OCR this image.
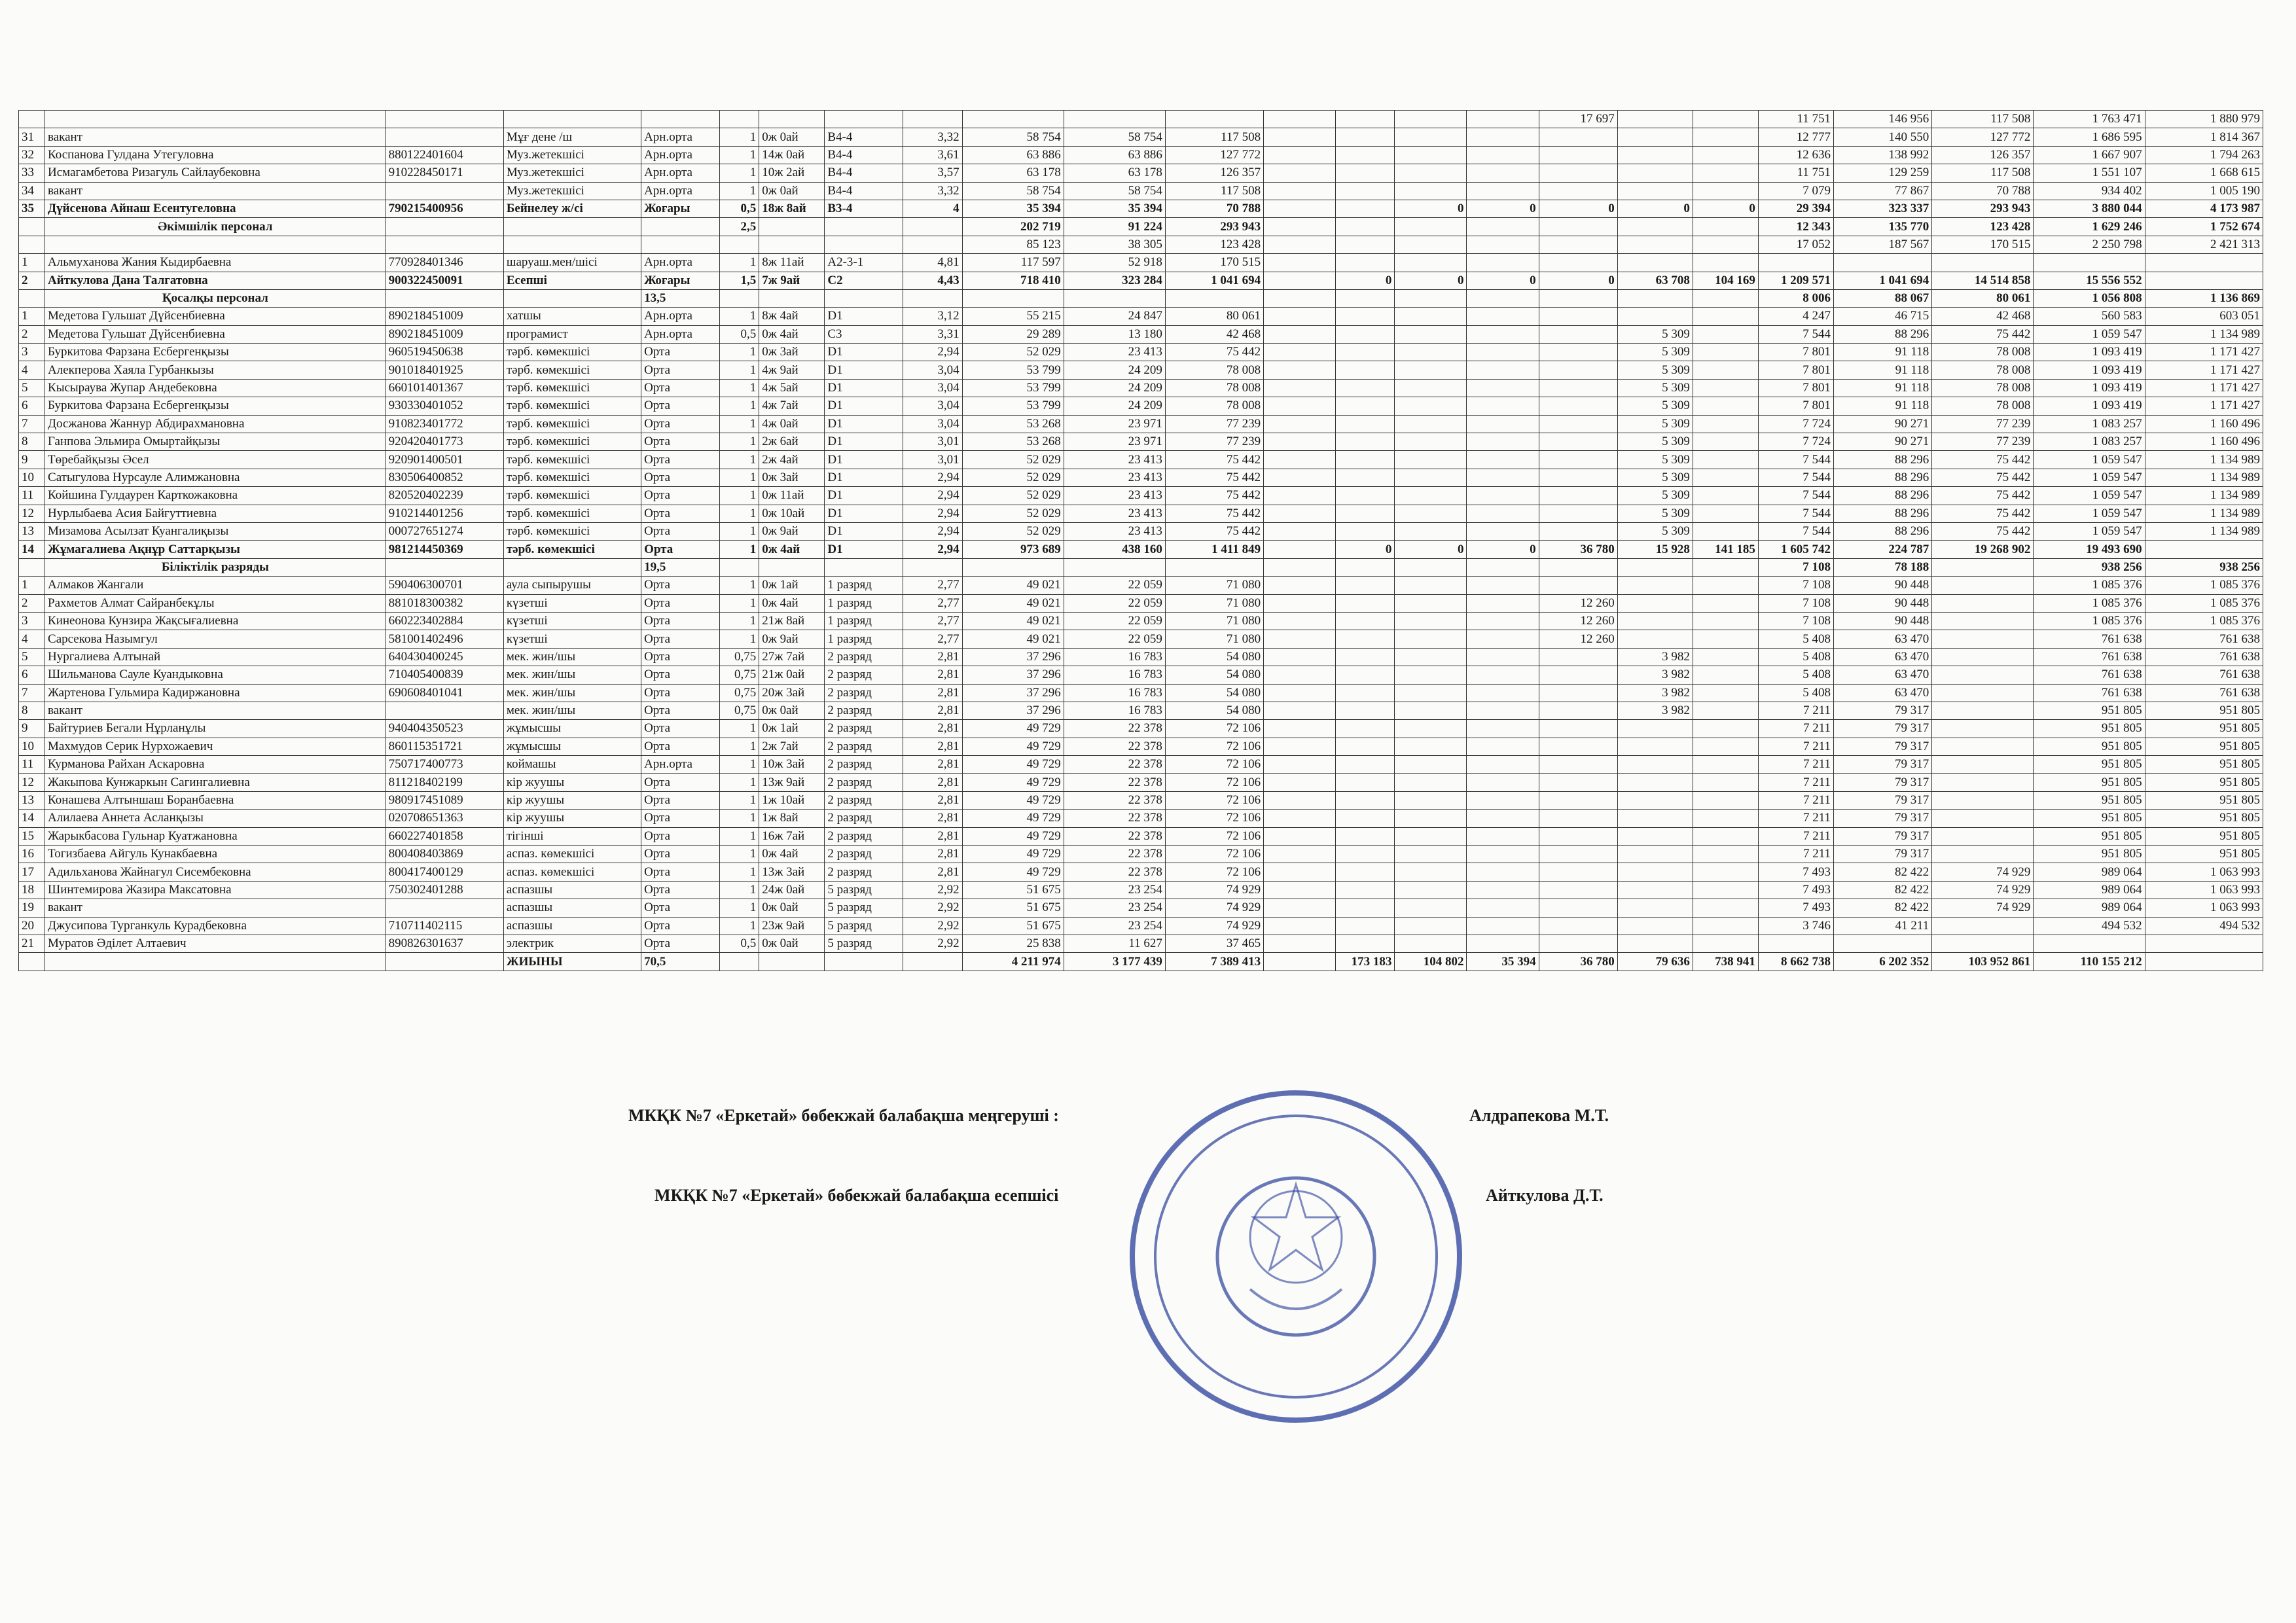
																17 697			11 751	146 956	117 508	1 763 471	1 880 979
31	вакант		Мұғ дене /ш	Арн.орта	1	0ж 0ай	B4-4	3,32	58 754	58 754	117 508								12 777	140 550	127 772	1 686 595	1 814 367
32	Коспанова Гулдана Утегуловна	880122401604	Муз.жетекшісі	Арн.орта	1	14ж 0ай	B4-4	3,61	63 886	63 886	127 772								12 636	138 992	126 357	1 667 907	1 794 263
33	Исмагамбетова Ризагуль Сайлаубековна	910228450171	Муз.жетекшісі	Арн.орта	1	10ж 2ай	B4-4	3,57	63 178	63 178	126 357								11 751	129 259	117 508	1 551 107	1 668 615
34	вакант		Муз.жетекшісі	Арн.орта	1	0ж 0ай	B4-4	3,32	58 754	58 754	117 508								7 079	77 867	70 788	934 402	1 005 190
35	Дүйсенова Айнаш Есентугеловна	790215400956	Бейнелеу ж/сі	Жоғары	0,5	18ж 8ай	B3-4	4	35 394	35 394	70 788			0	0	0	0	0	29 394	323 337	293 943	3 880 044	4 173 987
	Әкімшілік персонал				2,5				202 719	91 224	293 943								12 343	135 770	123 428	1 629 246	1 752 674
									85 123	38 305	123 428								17 052	187 567	170 515	2 250 798	2 421 313
1	Альмуханова Жания Кыдирбаевна	770928401346	шаруаш.мен/шісі	Арн.орта	1	8ж 11ай	A2-3-1	4,81	117 597	52 918	170 515												
2	Айткулова Дана Талгатовна	900322450091	Есепші	Жоғары	1,5	7ж 9ай	C2	4,43	718 410	323 284	1 041 694		0	0	0	0	63 708	104 169	1 209 571	1 041 694	14 514 858	15 556 552	
	Қосалқы персонал			13,5															8 006	88 067	80 061	1 056 808	1 136 869
1	Медетова Гульшат Дүйсенбиевна	890218451009	хатшы	Арн.орта	1	8ж 4ай	D1	3,12	55 215	24 847	80 061								4 247	46 715	42 468	560 583	603 051
2	Медетова Гульшат Дүйсенбиевна	890218451009	програмист	Арн.орта	0,5	0ж 4ай	C3	3,31	29 289	13 180	42 468						5 309		7 544	88 296	75 442	1 059 547	1 134 989
3	Буркитова Фарзана Есбергенқызы	960519450638	тәрб. көмекшісі	Орта	1	0ж 3ай	D1	2,94	52 029	23 413	75 442						5 309		7 801	91 118	78 008	1 093 419	1 171 427
4	Алекперова Хаяла Гурбанкызы	901018401925	тәрб. көмекшісі	Орта	1	4ж 9ай	D1	3,04	53 799	24 209	78 008						5 309		7 801	91 118	78 008	1 093 419	1 171 427
5	Кысыраува Жупар Андебековна	660101401367	тәрб. көмекшісі	Орта	1	4ж 5ай	D1	3,04	53 799	24 209	78 008						5 309		7 801	91 118	78 008	1 093 419	1 171 427
6	Буркитова Фарзана Есбергенқызы	930330401052	тәрб. көмекшісі	Орта	1	4ж 7ай	D1	3,04	53 799	24 209	78 008						5 309		7 801	91 118	78 008	1 093 419	1 171 427
7	Досжанова Жаннур Абдирахмановна	910823401772	тәрб. көмекшісі	Орта	1	4ж 0ай	D1	3,04	53 268	23 971	77 239						5 309		7 724	90 271	77 239	1 083 257	1 160 496
8	Ганпова Эльмира Омыртайқызы	920420401773	тәрб. көмекшісі	Орта	1	2ж 6ай	D1	3,01	53 268	23 971	77 239						5 309		7 724	90 271	77 239	1 083 257	1 160 496
9	Төребайқызы Әсел	920901400501	тәрб. көмекшісі	Орта	1	2ж 4ай	D1	3,01	52 029	23 413	75 442						5 309		7 544	88 296	75 442	1 059 547	1 134 989
10	Сатыгулова Нурсауле Алимжановна	830506400852	тәрб. көмекшісі	Орта	1	0ж 3ай	D1	2,94	52 029	23 413	75 442						5 309		7 544	88 296	75 442	1 059 547	1 134 989
11	Койшина Гулдаурен Карткожаковна	820520402239	тәрб. көмекшісі	Орта	1	0ж 11ай	D1	2,94	52 029	23 413	75 442						5 309		7 544	88 296	75 442	1 059 547	1 134 989
12	Нурлыбаева Асия Байғуттиевна	910214401256	тәрб. көмекшісі	Орта	1	0ж 10ай	D1	2,94	52 029	23 413	75 442						5 309		7 544	88 296	75 442	1 059 547	1 134 989
13	Мизамова Асылзат Куангалиқызы	000727651274	тәрб. көмекшісі	Орта	1	0ж 9ай	D1	2,94	52 029	23 413	75 442						5 309		7 544	88 296	75 442	1 059 547	1 134 989
14	Жұмагалиева Ақнұр Саттарқызы	981214450369	тәрб. көмекшісі	Орта	1	0ж 4ай	D1	2,94	973 689	438 160	1 411 849		0	0	0	36 780	15 928	141 185	1 605 742	224 787	19 268 902	19 493 690	
	Біліктілік разряды			19,5															7 108	78 188		938 256	938 256
1	Алмаков Жангали	590406300701	аула сыпырушы	Орта	1	0ж 1ай	1 разряд	2,77	49 021	22 059	71 080								7 108	90 448		1 085 376	1 085 376
2	Рахметов Алмат Сайранбекұлы	881018300382	күзетші	Орта	1	0ж 4ай	1 разряд	2,77	49 021	22 059	71 080					12 260			7 108	90 448		1 085 376	1 085 376
3	Кинеонова Кунзира Жақсығалиевна	660223402884	күзетші	Орта	1	21ж 8ай	1 разряд	2,77	49 021	22 059	71 080					12 260			7 108	90 448		1 085 376	1 085 376
4	Сарсекова Назымгул	581001402496	күзетші	Орта	1	0ж 9ай	1 разряд	2,77	49 021	22 059	71 080					12 260			5 408	63 470		761 638	761 638
5	Нургалиева Алтынай	640430400245	мек. жин/шы	Орта	0,75	27ж 7ай	2 разряд	2,81	37 296	16 783	54 080						3 982		5 408	63 470		761 638	761 638
6	Шильманова Сауле Куандыковна	710405400839	мек. жин/шы	Орта	0,75	21ж 0ай	2 разряд	2,81	37 296	16 783	54 080						3 982		5 408	63 470		761 638	761 638
7	Жартенова Гульмира Кадиржановна	690608401041	мек. жин/шы	Орта	0,75	20ж 3ай	2 разряд	2,81	37 296	16 783	54 080						3 982		5 408	63 470		761 638	761 638
8	вакант		мек. жин/шы	Орта	0,75	0ж 0ай	2 разряд	2,81	37 296	16 783	54 080						3 982		7 211	79 317		951 805	951 805
9	Байтуриев Бегали Нұрланұлы	940404350523	жұмысшы	Орта	1	0ж 1ай	2 разряд	2,81	49 729	22 378	72 106								7 211	79 317		951 805	951 805
10	Махмудов Серик Нурхожаевич	860115351721	жұмысшы	Орта	1	2ж 7ай	2 разряд	2,81	49 729	22 378	72 106								7 211	79 317		951 805	951 805
11	Курманова Райхан Аскаровна	750717400773	коймашы	Арн.орта	1	10ж 3ай	2 разряд	2,81	49 729	22 378	72 106								7 211	79 317		951 805	951 805
12	Жакыпова Кунжаркын Сагингалиевна	811218402199	кір жуушы	Орта	1	13ж 9ай	2 разряд	2,81	49 729	22 378	72 106								7 211	79 317		951 805	951 805
13	Конашева Алтыншаш Боранбаевна	980917451089	кір жуушы	Орта	1	1ж 10ай	2 разряд	2,81	49 729	22 378	72 106								7 211	79 317		951 805	951 805
14	Алилаева Аннета Асланқызы	020708651363	кір жуушы	Орта	1	1ж 8ай	2 разряд	2,81	49 729	22 378	72 106								7 211	79 317		951 805	951 805
15	Жарыкбасова Гульнар Куатжановна	660227401858	тігінші	Орта	1	16ж 7ай	2 разряд	2,81	49 729	22 378	72 106								7 211	79 317		951 805	951 805
16	Тогизбаева Айгуль Кунакбаевна	800408403869	аспаз. көмекшісі	Орта	1	0ж 4ай	2 разряд	2,81	49 729	22 378	72 106								7 211	79 317		951 805	951 805
17	Адильханова Жайнагул Сисембековна	800417400129	аспаз. көмекшісі	Орта	1	13ж 3ай	2 разряд	2,81	49 729	22 378	72 106								7 493	82 422	74 929	989 064	1 063 993
18	Шинтемирова Жазира Максатовна	750302401288	аспазшы	Орта	1	24ж 0ай	5 разряд	2,92	51 675	23 254	74 929								7 493	82 422	74 929	989 064	1 063 993
19	вакант		аспазшы	Орта	1	0ж 0ай	5 разряд	2,92	51 675	23 254	74 929								7 493	82 422	74 929	989 064	1 063 993
20	Джусипова Турганкуль Курадбековна	710711402115	аспазшы	Орта	1	23ж 9ай	5 разряд	2,92	51 675	23 254	74 929								3 746	41 211		494 532	494 532
21	Муратов Әділет Алтаевич	890826301637	электрик	Орта	0,5	0ж 0ай	5 разряд	2,92	25 838	11 627	37 465												
			ЖИЫНЫ	70,5					4 211 974	3 177 439	7 389 413		173 183	104 802	35 394	36 780	79 636	738 941	8 662 738	6 202 352	103 952 861	110 155 212	
МКҚК №7 «Еркетай» бөбекжай балабақша меңгеруші :	Алдрапекова М.Т.
МКҚК №7 «Еркетай» бөбекжай балабақша есепшісі	Айткулова Д.Т.
